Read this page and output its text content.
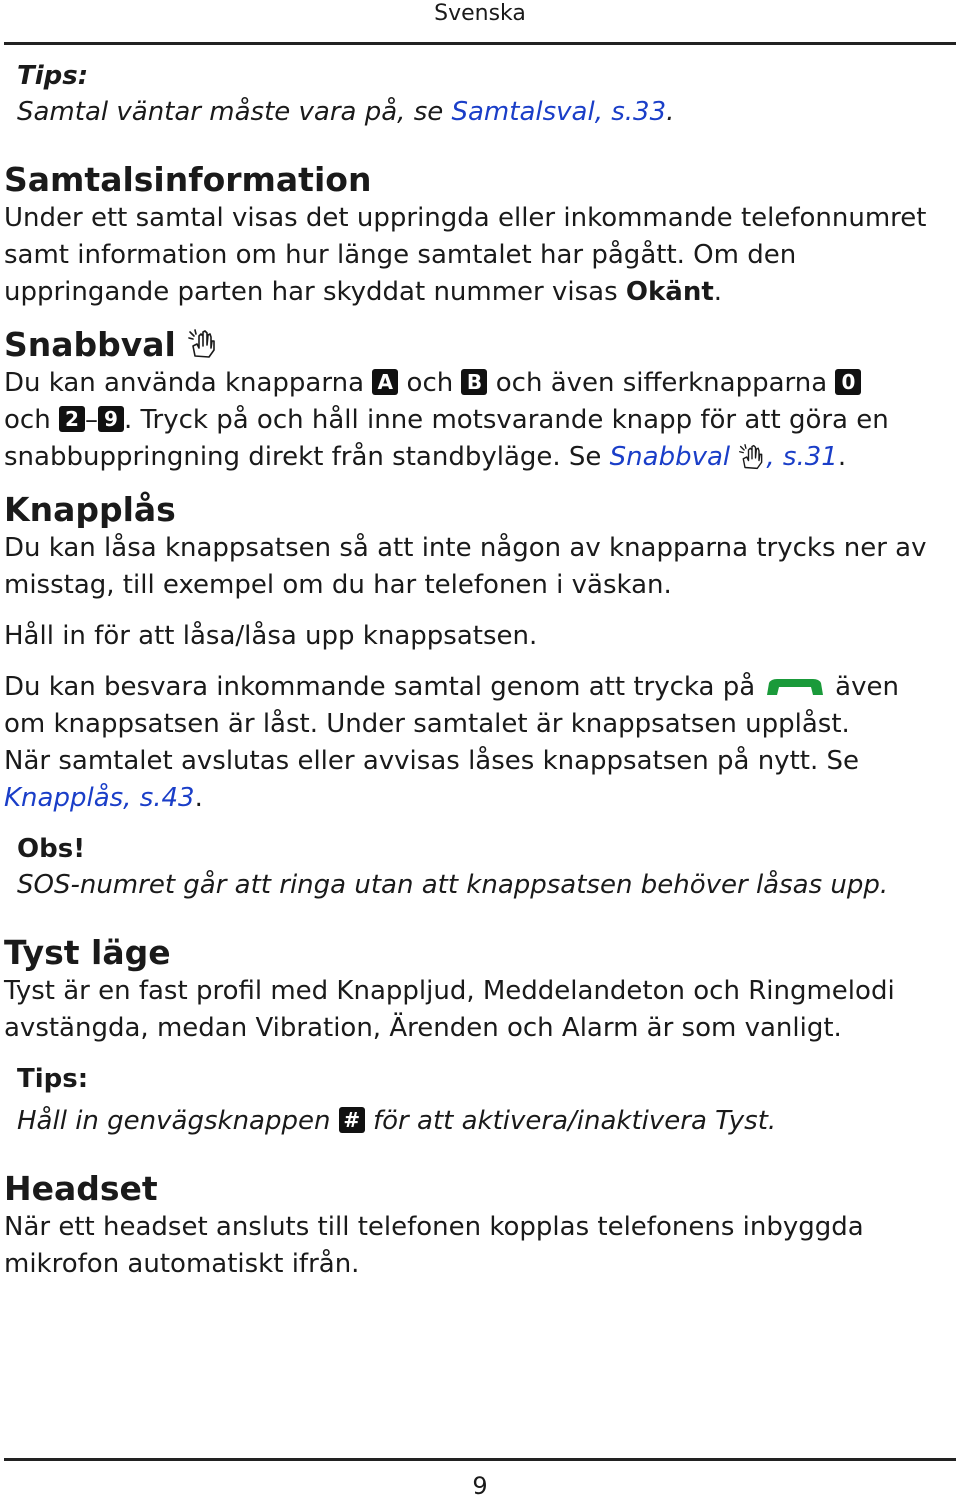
Svenska
Tips:
Samtal väntar måste vara på, se Samtalsval, s.33.
Samtalsinformation

Under ett samtal visas det uppringda eller inkommande telefonnumret

samt information om hur länge samtalet har pågått. Om den

uppringande parten har skyddat nummer visas Okänt.

Snabbval

Du kan använda knapparna A och B och även sifferknapparna 0

och 2 – 9 . Tryck på och håll inne motsvarande knapp för att göra en

snabbuppringning direkt från standbyläge. Se Snabbval , s.31.

Knapplås

Du kan låsa knappsatsen så att inte någon av knapparna trycks ner av

misstag, till exempel om du har telefonen i väskan.

Håll in för att låsa/låsa upp knappsatsen.

Du kan besvara inkommande samtal genom att trycka på	även

om knappsatsen är låst. Under samtalet är knappsatsen upplåst.

När samtalet avslutas eller avvisas låses knappsatsen på nytt. Se

Knapplås, s.43.

Obs!
SOS-numret går att ringa utan att knappsatsen behöver låsas upp.
Tyst läge

Tyst är en fast profil med Knappljud, Meddelandeton och Ringmelodi

avstängda, medan Vibration, Ärenden och Alarm är som vanligt.

Tips:
Håll in genvägsknappen # för att aktivera/inaktivera Tyst.
Headset

När ett headset ansluts till telefonen kopplas telefonens inbyggda

mikrofon automatiskt ifrån.

9
